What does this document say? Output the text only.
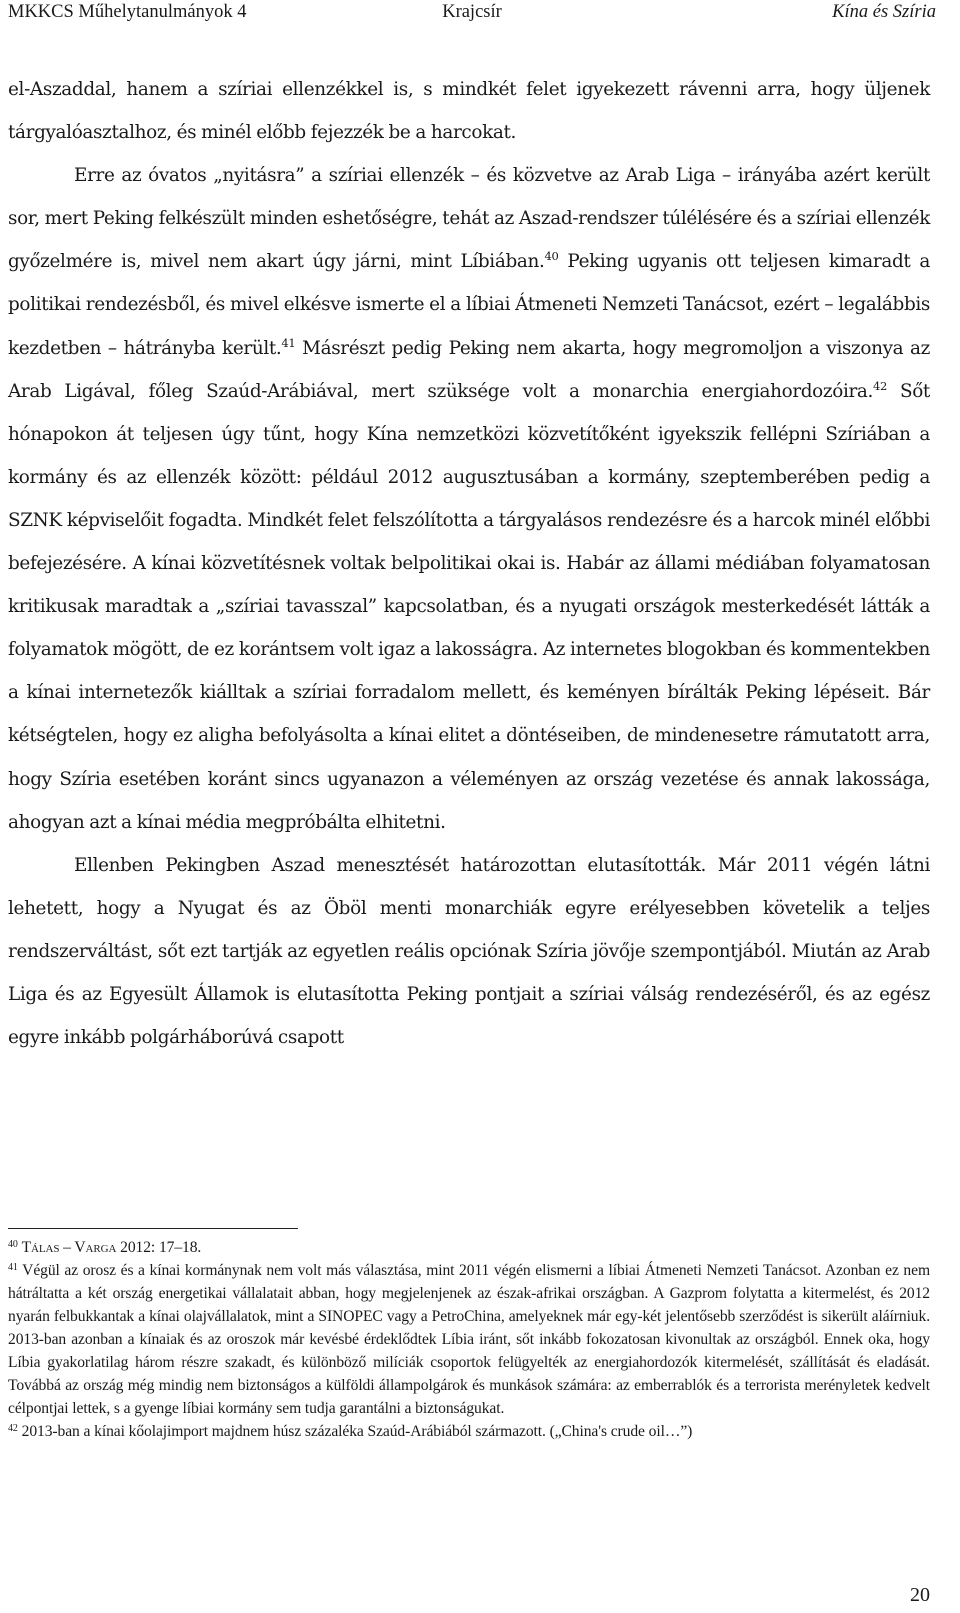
MKKCS Műhelytanulmányok 4	Krajcsír	Kína és Szíria

el-Aszaddal, hanem a szíriai ellenzékkel is, s mindkét felet igyekezett rávenni arra, hogy üljenek tárgyalóasztalhoz, és minél előbb fejezzék be a harcokat.

Erre az óvatos „nyitásra” a szíriai ellenzék – és közvetve az Arab Liga – irányába azért került sor, mert Peking felkészült minden eshetőségre, tehát az Aszad-rendszer túlélésére és a szíriai ellenzék győzelmére is, mivel nem akart úgy járni, mint Líbiában.$^{40}$ Peking ugyanis ott teljesen kimaradt a politikai rendezésből, és mivel elkésve ismerte el a líbiai Átmeneti Nemzeti Tanácsot, ezért – legalábbis kezdetben – hátrányba került.$^{41}$ Másrészt pedig Peking nem akarta, hogy megromoljon a viszonya az Arab Ligával, főleg Szaúd-Arábiával, mert szüksége volt a monarchia energiahordozóira.$^{42}$ Sőt hónapokon át teljesen úgy tűnt, hogy Kína nemzetközi közvetítőként igyekszik fellépni Szíriában a kormány és az ellenzék között: például 2012 augusztusában a kormány, szeptemberében pedig a SZNK képviselőit fogadta. Mindkét felet felszólította a tárgyalásos rendezésre és a harcok minél előbbi befejezésére. A kínai közvetítésnek voltak belpolitikai okai is. Habár az állami médiában folyamatosan kritikusak maradtak a „szíriai tavasszal” kapcsolatban, és a nyugati országok mesterkedését látták a folyamatok mögött, de ez korántsem volt igaz a lakosságra. Az internetes blogokban és kommentekben a kínai internetezők kiálltak a szíriai forradalom mellett, és keményen bírálták Peking lépéseit. Bár kétségtelen, hogy ez aligha befolyásolta a kínai elitet a döntéseiben, de mindenesetre rámutatott arra, hogy Szíria esetében koránt sincs ugyanazon a véleményen az ország vezetése és annak lakossága, ahogyan azt a kínai média megpróbálta elhitetni.

Ellenben Pekingben Aszad menesztését határozottan elutasították. Már 2011 végén látni lehetett, hogy a Nyugat és az Öböl menti monarchiák egyre erélyesebben követelik a teljes rendszerváltást, sőt ezt tartják az egyetlen reális opciónak Szíria jövője szempontjából. Miután az Arab Liga és az Egyesült Államok is elutasította Peking pontjait a szíriai válság rendezéséről, és az egész egyre inkább polgárháborúvá csapott

$^{40}$ Tálas – Varga 2012: 17–18.

$^{41}$ Végül az orosz és a kínai kormánynak nem volt más választása, mint 2011 végén elismerni a líbiai Átmeneti Nemzeti Tanácsot. Azonban ez nem hátráltatta a két ország energetikai vállalatait abban, hogy megjelenjenek az észak-afrikai országban. A Gazprom folytatta a kitermelést, és 2012 nyarán felbukkantak a kínai olajvállalatok, mint a SINOPEC vagy a PetroChina, amelyeknek már egy-két jelentősebb szerződést is sikerült aláírniuk. 2013-ban azonban a kínaiak és az oroszok már kevésbé érdeklődtek Líbia iránt, sőt inkább fokozatosan kivonultak az országból. Ennek oka, hogy Líbia gyakorlatilag három részre szakadt, és különböző milíciák csoportok felügyelték az energiahordozók kitermelését, szállítását és eladását. Továbbá az ország még mindig nem biztonságos a külföldi állampolgárok és munkások számára: az emberrablók és a terrorista merényletek kedvelt célpontjai lettek, s a gyenge líbiai kormány sem tudja garantálni a biztonságukat.

$^{42}$ 2013-ban a kínai kőolajimport majdnem húsz százaléka Szaúd-Arábiából származott. („China's crude oil…”)

20
